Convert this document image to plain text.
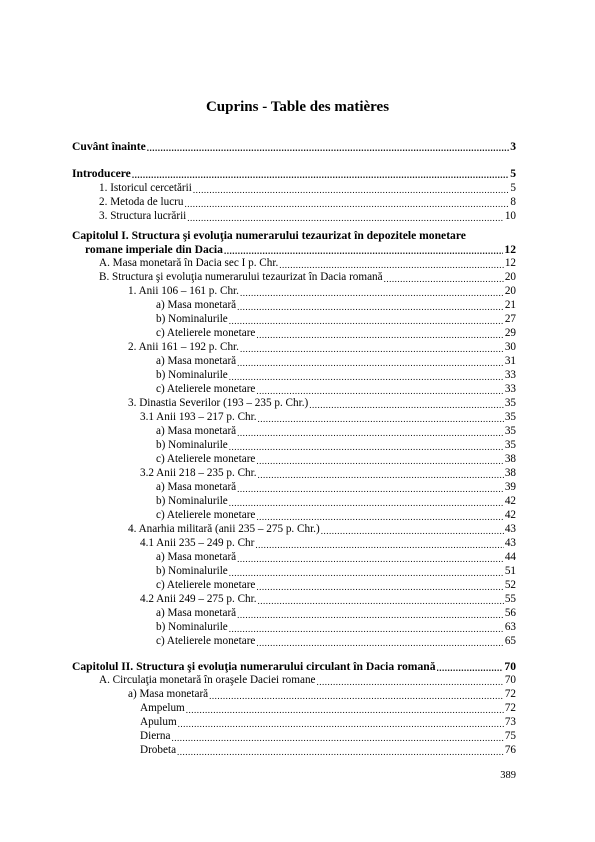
Cuprins - Table des matières
Cuvânt înainte .....	3
Introducere .....	5
1. Istoricul cercetării .....	5
2. Metoda de lucru .....	8
3. Structura lucrării .....	10
Capitolul I. Structura şi evoluţia numerarului tezaurizat în depozitele monetare
romane imperiale din Dacia .....	12
A. Masa monetară în Dacia sec I p. Chr. .....	12
B. Structura şi evoluţia numerarului tezaurizat în Dacia romană .....	20
1. Anii 106 – 161 p. Chr. .....	20
a) Masa monetară .....	21
b) Nominalurile .....	27
c) Atelierele monetare .....	29
2. Anii 161 – 192 p. Chr. .....	30
a) Masa monetară .....	31
b) Nominalurile .....	33
c) Atelierele monetare .....	33
3. Dinastia Severilor (193 – 235 p. Chr.) .....	35
3.1 Anii 193 – 217 p. Chr. .....	35
a) Masa monetară .....	35
b) Nominalurile .....	35
c) Atelierele monetare .....	38
3.2 Anii 218 – 235 p. Chr. .....	38
a) Masa monetară .....	39
b) Nominalurile .....	42
c) Atelierele monetare .....	42
4. Anarhia militară (anii 235 – 275 p. Chr.) .....	43
4.1 Anii 235 – 249 p. Chr .....	43
a) Masa monetară .....	44
b) Nominalurile .....	51
c) Atelierele monetare .....	52
4.2 Anii 249 – 275 p. Chr. .....	55
a) Masa monetară .....	56
b) Nominalurile .....	63
c) Atelierele monetare .....	65
Capitolul II. Structura şi evoluţia numerarului circulant în Dacia romană .....	70
A. Circulaţia monetară în oraşele Daciei romane .....	70
a) Masa monetară .....	72
Ampelum .....	72
Apulum .....	73
Dierna .....	75
Drobeta .....	76
389
